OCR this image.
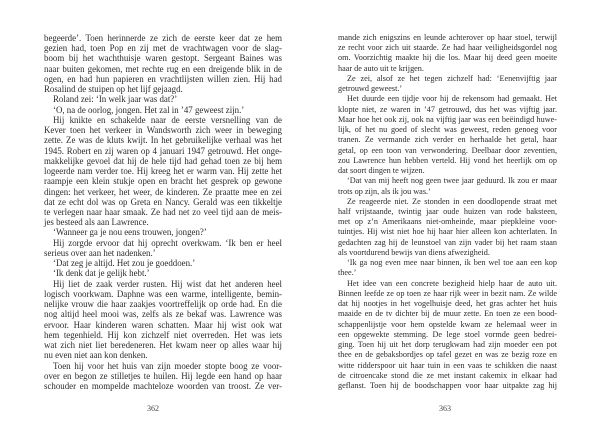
begeerde’. Toen herinnerde ze zich de eerste keer dat ze hem
gezien had, toen Pop en zij met de vrachtwagen voor de slag-
boom bij het wachthuisje waren gestopt. Sergeant Baines was
naar buiten gekomen, met rechte rug en een dreigende blik in de
ogen, en had hun papieren en vrachtlijsten willen zien. Hij had
Rosalind de stuipen op het lijf gejaagd.
Roland zei: ‘In welk jaar was dat?’
‘O, na de oorlog, jongen. Het zal in ’47 geweest zijn.’
Hij knikte en schakelde naar de eerste versnelling van de
Kever toen het verkeer in Wandsworth zich weer in beweging
zette. Ze was de kluts kwijt. In het gebruikelijke verhaal was het
1945. Robert en zij waren op 4 januari 1947 getrouwd. Het onge-
makkelijke gevoel dat hij de hele tijd had gehad toen ze bij hem
logeerde nam verder toe. Hij kreeg het er warm van. Hij zette het
raampje een klein stukje open en bracht het gesprek op gewone
dingen: het verkeer, het weer, de kinderen. Ze praatte mee en zei
dat ze echt dol was op Greta en Nancy. Gerald was een tikkeltje
te verlegen naar haar smaak. Ze had net zo veel tijd aan de meis-
jes besteed als aan Lawrence.
‘Wanneer ga je nou eens trouwen, jongen?’
Hij zorgde ervoor dat hij oprecht overkwam. ‘Ik ben er heel
serieus over aan het nadenken.’
‘Dat zeg je altijd. Het zou je goeddoen.’
‘Ik denk dat je gelijk hebt.’
Hij liet de zaak verder rusten. Hij wist dat het anderen heel
logisch voorkwam. Daphne was een warme, intelligente, bemin-
nelijke vrouw die haar zaakjes voortreffelijk op orde had. En die
nog altijd heel mooi was, zelfs als ze bekaf was. Lawrence was
ervoor. Haar kinderen waren schatten. Maar hij wist ook wat
hem tegenhield. Hij kon zichzelf niet overreden. Het was iets
wat zich niet liet beredeneren. Het kwam neer op alles waar hij
nu even niet aan kon denken.
Toen hij voor het huis van zijn moeder stopte boog ze voor-
over en begon ze stilletjes te huilen. Hij legde een hand op haar
schouder en mompelde machteloze woorden van troost. Ze ver-
mande zich enigszins en leunde achterover op haar stoel, terwijl
ze recht voor zich uit staarde. Ze had haar veiligheidsgordel nog
om. Voorzichtig maakte hij die los. Maar hij deed geen moeite
haar de auto uit te krijgen.
Ze zei, alsof ze het tegen zichzelf had: ‘Eenenvijftig jaar
getrouwd geweest.’
Het duurde een tijdje voor hij de rekensom had gemaakt. Het
klopte niet, ze waren in ’47 getrouwd, dus het was vijftig jaar.
Maar hoe het ook zij, ook na vijftig jaar was een beëindigd huwe-
lijk, of het nu goed of slecht was geweest, reden genoeg voor
tranen. Ze vermande zich verder en herhaalde het getal, haar
getal, op een toon van verwondering. Deelbaar door zeventien,
zou Lawrence hun hebben verteld. Hij vond het heerlijk om op
dat soort dingen te wijzen.
‘Dat van mij heeft nog geen twee jaar geduurd. Ik zou er maar
trots op zijn, als ik jou was.’
Ze reageerde niet. Ze stonden in een doodlopende straat met
half vrijstaande, twintig jaar oude huizen van rode baksteen,
met op z’n Amerikaans niet-omheinde, maar piepkleine voor-
tuintjes. Hij wist niet hoe hij haar hier alleen kon achterlaten. In
gedachten zag hij de leunstoel van zijn vader bij het raam staan
als voortdurend bewijs van diens afwezigheid.
‘Ik ga nog even mee naar binnen, ik ben wel toe aan een kop
thee.’
Het idee van een concrete bezigheid hielp haar de auto uit.
Binnen leefde ze op toen ze haar rijk weer in bezit nam. Ze wilde
dat hij nootjes in het vogelhuisje deed, het gras achter het huis
maaide en de tv dichter bij de muur zette. En toen ze een bood-
schappenlijstje voor hem opstelde kwam ze helemaal weer in
een opgewekte stemming. De lege stoel vormde geen bedrei-
ging. Toen hij uit het dorp terugkwam had zijn moeder een pot
thee en de gebaksbordjes op tafel gezet en was ze bezig roze en
witte ridderspoor uit haar tuin in een vaas te schikken die naast
de citroencake stond die ze met instant cakemix in elkaar had
geflanst. Toen hij de boodschappen voor haar uitpakte zag hij
362	363
